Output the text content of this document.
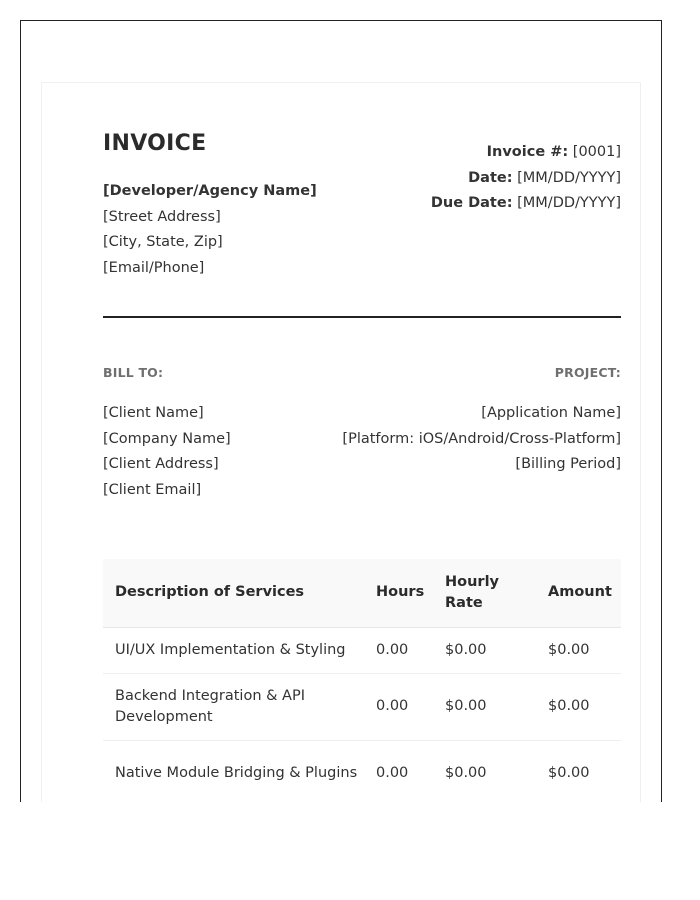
INVOICE
[Developer/Agency Name]
[Street Address]
[City, State, Zip]
[Email/Phone]
Invoice #: [0001]
Date: [MM/DD/YYYY]
Due Date: [MM/DD/YYYY]
BILL TO:	PROJECT:
[Client Name]
[Company Name]
[Client Address]
[Client Email]
[Application Name]
[Platform: iOS/Android/Cross-Platform]
[Billing Period]
Description of Services	Hours	Hourly Rate	Amount
UI/UX Implementation & Styling	0.00	$0.00	$0.00
Backend Integration & API Development	0.00	$0.00	$0.00
Native Module Bridging & Plugins	0.00	$0.00	$0.00
